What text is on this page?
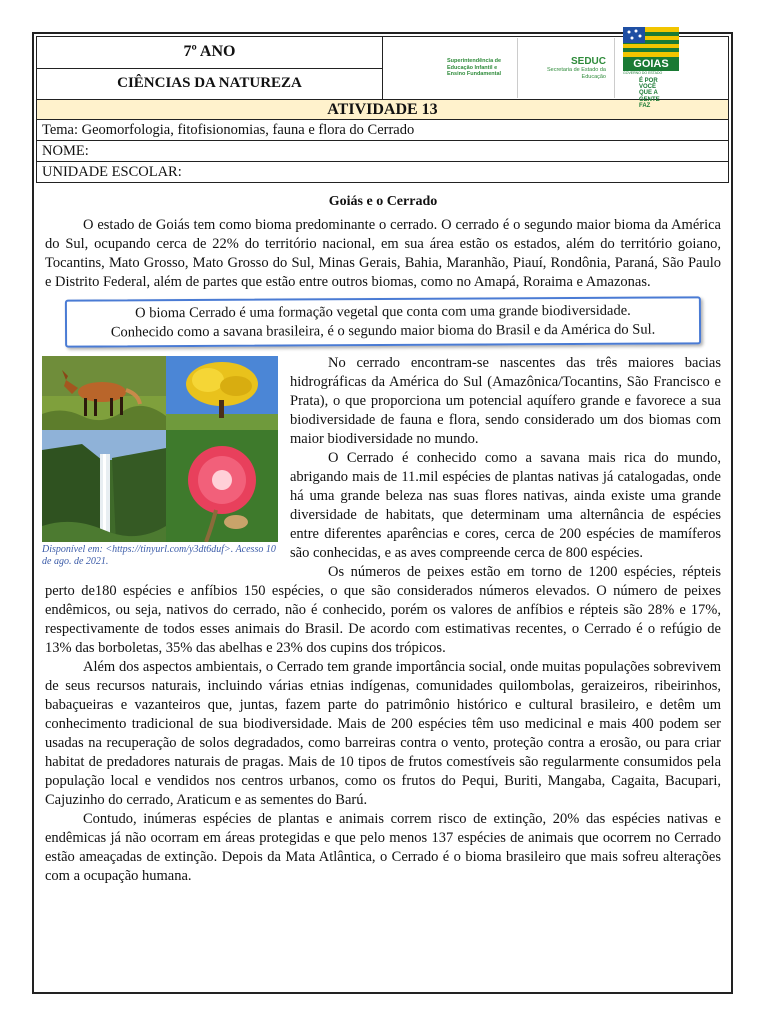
7º ANO	
Superintendência de Educação Infantil e Ensino Fundamental
SEDUC
Secretaria de Estado da Educação
GOIAS
GOVERNO DO ESTADO
É POR VOCÊ QUE A GENTE FAZ

CIÊNCIAS DA NATUREZA
ATIVIDADE 13
Tema: Geomorfologia, fitofisionomias, fauna e flora do Cerrado
NOME:
UNIDADE ESCOLAR:
Goiás e o Cerrado

O estado de Goiás tem como bioma predominante o cerrado. O cerrado é o segundo maior bioma da América do Sul, ocupando cerca de 22% do território nacional, em sua área estão os estados, além do território goiano, Tocantins, Mato Grosso, Mato Grosso do Sul, Minas Gerais, Bahia, Maranhão, Piauí, Rondônia, Paraná, São Paulo e Distrito Federal, além de partes que estão entre outros biomas, como no Amapá, Roraima e Amazonas.

O bioma Cerrado é uma formação vegetal que conta com uma grande biodiversidade.
Conhecido como a savana brasileira, é o segundo maior bioma do Brasil e da América do Sul.
Disponível em: <https://tinyurl.com/y3dt6duf>. Acesso 10 de ago. de 2021.

No cerrado encontram-se nascentes das três maiores bacias hidrográficas da América do Sul (Amazônica/Tocantins, São Francisco e Prata), o que proporciona um potencial aquífero grande e favorece a sua biodiversidade de fauna e flora, sendo considerado um dos biomas com maior biodiversidade no mundo.

O Cerrado é conhecido como a savana mais rica do mundo, abrigando mais de 11.mil espécies de plantas nativas já catalogadas, onde há uma grande beleza nas suas flores nativas, ainda existe uma grande diversidade de habitats, que determinam uma alternância de espécies entre diferentes aparências e cores, cerca de 200 espécies de mamíferos são conhecidas, e as aves compreende cerca de 800 espécies.

Os números de peixes estão em torno de 1200 espécies, répteis perto de180 espécies e anfíbios 150 espécies, o que são considerados números elevados. O número de peixes endêmicos, ou seja, nativos do cerrado, não é conhecido, porém os valores de anfíbios e répteis são 28% e 17%, respectivamente de todos esses animais do Brasil. De acordo com estimativas recentes, o Cerrado é o refúgio de 13% das borboletas, 35% das abelhas e 23% dos cupins dos trópicos.

Além dos aspectos ambientais, o Cerrado tem grande importância social, onde muitas populações sobrevivem de seus recursos naturais, incluindo várias etnias indígenas, comunidades quilombolas, geraizeiros, ribeirinhos, babaçueiras e vazanteiros que, juntas, fazem parte do patrimônio histórico e cultural brasileiro, e detêm um conhecimento tradicional de sua biodiversidade. Mais de 200 espécies têm uso medicinal e mais 400 podem ser usadas na recuperação de solos degradados, como barreiras contra o vento, proteção contra a erosão, ou para criar habitat de predadores naturais de pragas. Mais de 10 tipos de frutos comestíveis são regularmente consumidos pela população local e vendidos nos centros urbanos, como os frutos do Pequi, Buriti, Mangaba, Cagaita, Bacupari, Cajuzinho do cerrado, Araticum e as sementes do Barú.

Contudo, inúmeras espécies de plantas e animais correm risco de extinção, 20% das espécies nativas e endêmicas já não ocorram em áreas protegidas e que pelo menos 137 espécies de animais que ocorrem no Cerrado estão ameaçadas de extinção. Depois da Mata Atlântica, o Cerrado é o bioma brasileiro que mais sofreu alterações com a ocupação humana.
